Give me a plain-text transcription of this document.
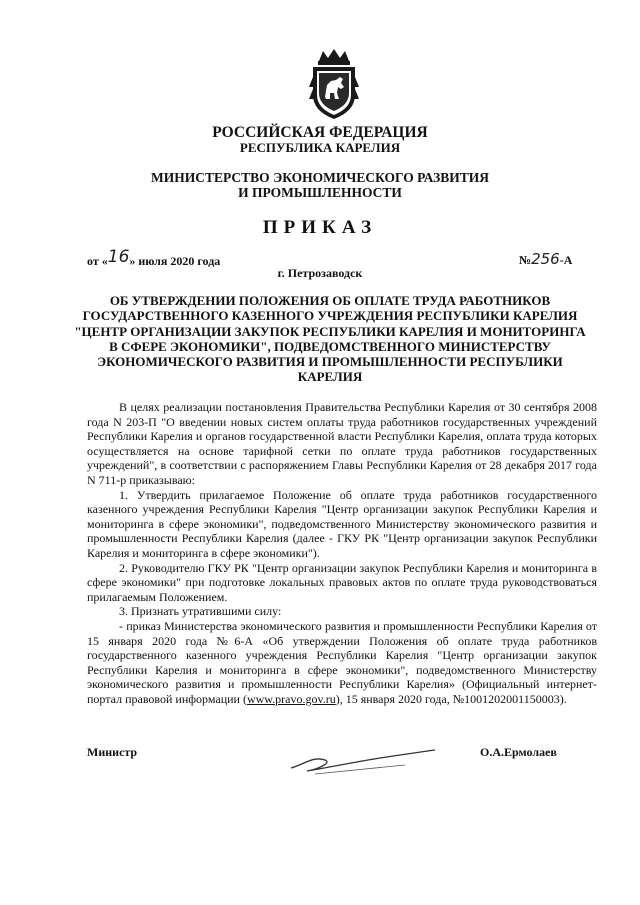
РОССИЙСКАЯ ФЕДЕРАЦИЯ
РЕСПУБЛИКА КАРЕЛИЯ
МИНИСТЕРСТВО ЭКОНОМИЧЕСКОГО РАЗВИТИЯ
И ПРОМЫШЛЕННОСТИ
ПРИКАЗ
от «16» июля 2020 года	№256-А
г. Петрозаводск
ОБ УТВЕРЖДЕНИИ ПОЛОЖЕНИЯ ОБ ОПЛАТЕ ТРУДА РАБОТНИКОВ ГОСУДАРСТВЕННОГО КАЗЕННОГО УЧРЕЖДЕНИЯ РЕСПУБЛИКИ КАРЕЛИЯ "ЦЕНТР ОРГАНИЗАЦИИ ЗАКУПОК РЕСПУБЛИКИ КАРЕЛИЯ И МОНИТОРИНГА В СФЕРЕ ЭКОНОМИКИ", ПОДВЕДОМСТВЕННОГО МИНИСТЕРСТВУ ЭКОНОМИЧЕСКОГО РАЗВИТИЯ И ПРОМЫШЛЕННОСТИ РЕСПУБЛИКИ КАРЕЛИЯ

В целях реализации постановления Правительства Республики Карелия от 30 сентября 2008 года N 203-П "О введении новых систем оплаты труда работников государственных учреждений Республики Карелия и органов государственной власти Республики Карелия, оплата труда которых осуществляется на основе тарифной сетки по оплате труда работников государственных учреждений", в соответствии с распоряжением Главы Республики Карелия от 28 декабря 2017 года N 711-р приказываю:

1. Утвердить прилагаемое Положение об оплате труда работников государственного казенного учреждения Республики Карелия "Центр организации закупок Республики Карелия и мониторинга в сфере экономики", подведомственного Министерству экономического развития и промышленности Республики Карелия (далее - ГКУ РК "Центр организации закупок Республики Карелия и мониторинга в сфере экономики").

2. Руководителю ГКУ РК "Центр организации закупок Республики Карелия и мониторинга в сфере экономики" при подготовке локальных правовых актов по оплате труда руководствоваться прилагаемым Положением.

3. Признать утратившими силу:

- приказ Министерства экономического развития и промышленности Республики Карелия от 15 января 2020 года №6-А «Об утверждении Положения об оплате труда работников государственного казенного учреждения Республики Карелия "Центр организации закупок Республики Карелия и мониторинга в сфере экономики", подведомственного Министерству экономического развития и промышленности Республики Карелия» (Официальный интернет-портал правовой информации (www.pravo.gov.ru), 15 января 2020 года, №1001202001150003).

Министр	О.А.Ермолаев
